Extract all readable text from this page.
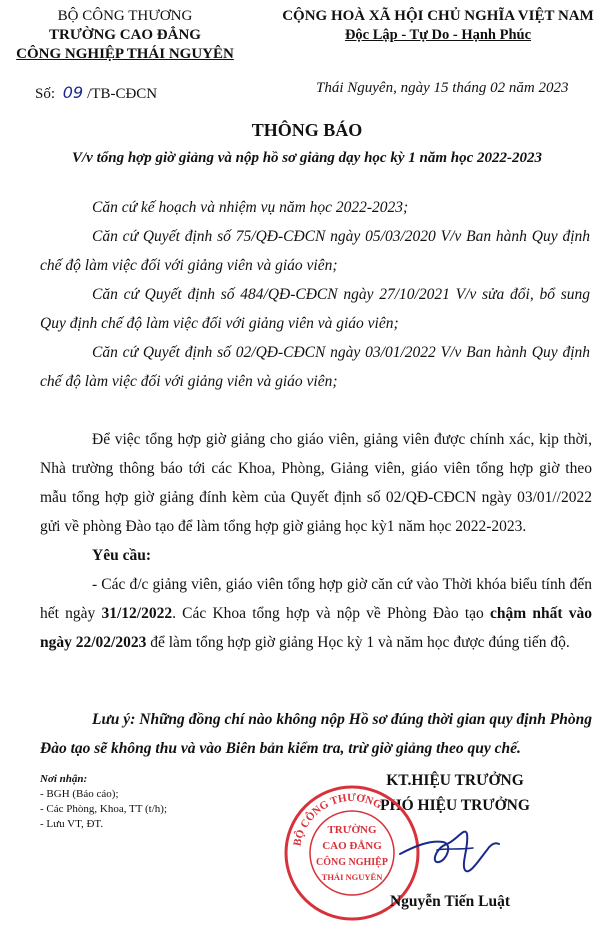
BỘ CÔNG THƯƠNG
TRƯỜNG CAO ĐẲNG
CÔNG NGHIỆP THÁI NGUYÊN
Số: 09 /TB-CĐCN
CỘNG HOÀ XÃ HỘI CHỦ NGHĨA VIỆT NAM
Độc Lập - Tự Do - Hạnh Phúc
Thái Nguyên, ngày 15 tháng 02 năm 2023
THÔNG BÁO
V/v tổng hợp giờ giảng và nộp hồ sơ giảng dạy học kỳ 1 năm học 2022-2023
Căn cứ kế hoạch và nhiệm vụ năm học 2022-2023;
Căn cứ Quyết định số 75/QĐ-CĐCN ngày 05/03/2020 V/v Ban hành Quy định chế độ làm việc đối với giảng viên và giáo viên;
Căn cứ Quyết định số 484/QĐ-CĐCN ngày 27/10/2021 V/v sửa đổi, bổ sung Quy định chế độ làm việc đối với giảng viên và giáo viên;
Căn cứ Quyết định số 02/QĐ-CĐCN ngày 03/01/2022 V/v Ban hành Quy định chế độ làm việc đối với giảng viên và giáo viên;
Để việc tổng hợp giờ giảng cho giáo viên, giảng viên được chính xác, kịp thời, Nhà trường thông báo tới các Khoa, Phòng, Giảng viên, giáo viên tổng hợp giờ theo mẫu tổng hợp giờ giảng đính kèm của Quyết định số 02/QĐ-CĐCN ngày 03/01//2022 gửi về phòng Đào tạo để làm tổng hợp giờ giảng học kỳ1 năm học 2022-2023.
Yêu cầu:
- Các đ/c giảng viên, giáo viên tổng hợp giờ căn cứ vào Thời khóa biểu tính đến hết ngày 31/12/2022. Các Khoa tổng hợp và nộp về Phòng Đào tạo chậm nhất vào ngày 22/02/2023 để làm tổng hợp giờ giảng Học kỳ 1 và năm học được đúng tiến độ.
Lưu ý: Những đồng chí nào không nộp Hồ sơ đúng thời gian quy định Phòng Đào tạo sẽ không thu và vào Biên bản kiểm tra, trừ giờ giảng theo quy chế.
Nơi nhận:
- BGH (Báo cáo);
- Các Phòng, Khoa, TT (t/h);
- Lưu VT, ĐT.
KT.HIỆU TRƯỞNG
PHÓ HIỆU TRƯỞNG
BỘ CÔNG THƯƠNG
TRƯỜNG
CAO ĐẲNG
CÔNG NGHIỆP
THÁI NGUYÊN
Nguyễn Tiến Luật
